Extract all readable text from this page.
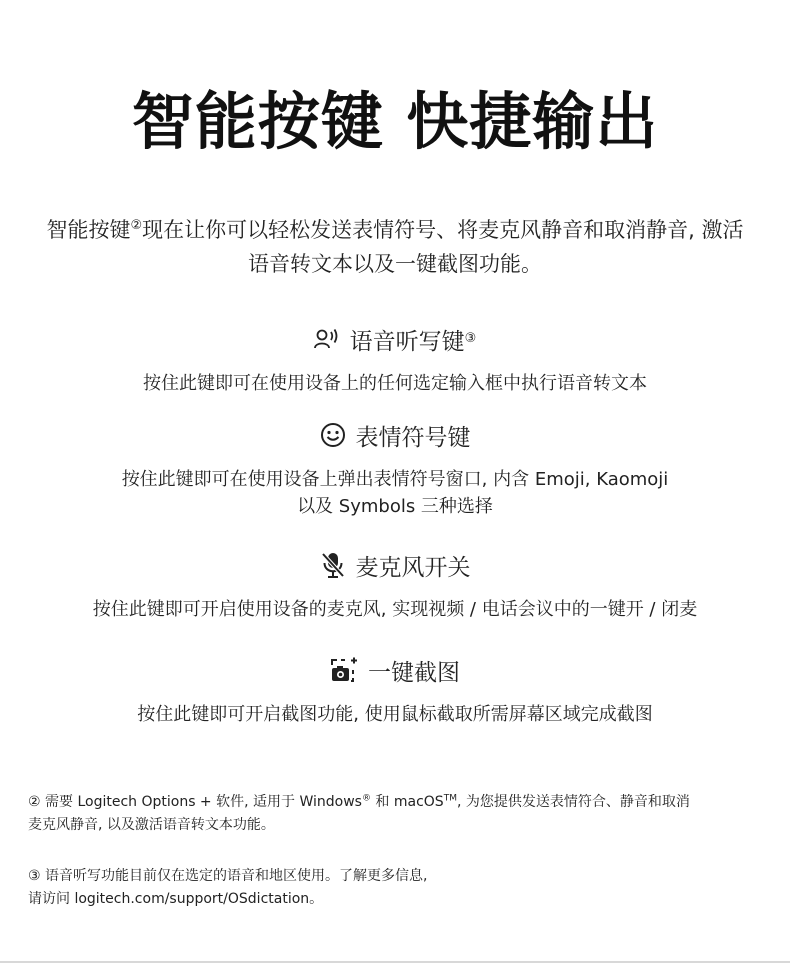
智能按键 快捷输出
智能按键②现在让你可以轻松发送表情符号、将麦克风静音和取消静音, 激活语音转文本以及一键截图功能。
语音听写键 ③
按住此键即可在使用设备上的任何选定输入框中执行语音转文本
表情符号键
按住此键即可在使用设备上弹出表情符号窗口, 内含 Emoji, Kaomoji
以及 Symbols 三种选择
麦克风开关
按住此键即可开启使用设备的麦克风, 实现视频 / 电话会议中的一键开 / 闭麦
一键截图
按住此键即可开启截图功能, 使用鼠标截取所需屏幕区域完成截图
② 需要 Logitech Options + 软件, 适用于 Windows® 和 macOS™, 为您提供发送表情符合、静音和取消
麦克风静音, 以及激活语音转文本功能。
③ 语音听写功能目前仅在选定的语音和地区使用。了解更多信息,
请访问 logitech.com/support/OSdictation。
